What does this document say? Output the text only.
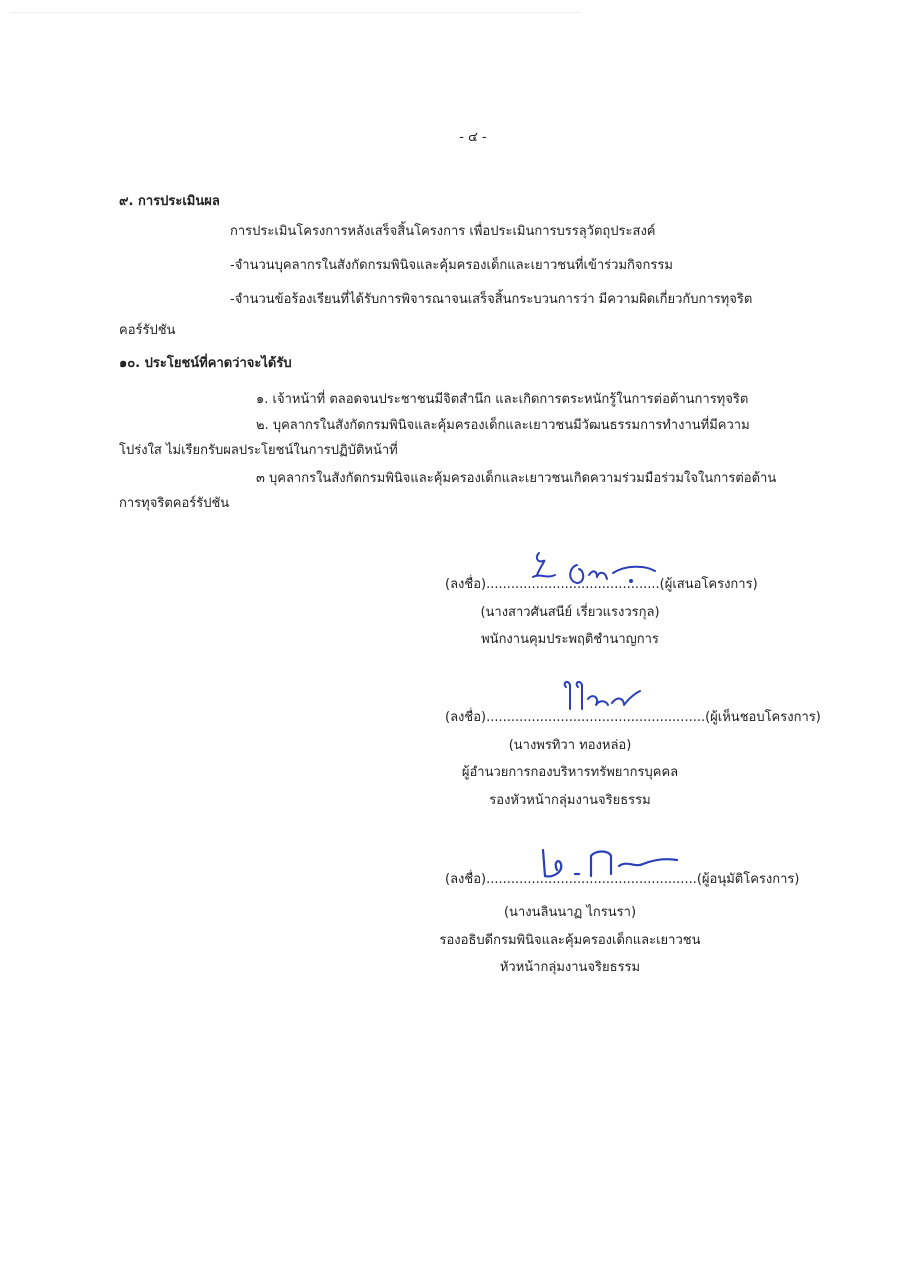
- ๔ -
๙. การประเมินผล
การประเมินโครงการหลังเสร็จสิ้นโครงการ เพื่อประเมินการบรรลุวัตถุประสงค์
-จำนวนบุคลากรในสังกัดกรมพินิจและคุ้มครองเด็กและเยาวชนที่เข้าร่วมกิจกรรม
-จำนวนข้อร้องเรียนที่ได้รับการพิจารณาจนเสร็จสิ้นกระบวนการว่า มีความผิดเกี่ยวกับการทุจริต
คอร์รัปชัน
๑๐. ประโยชน์ที่คาดว่าจะได้รับ
๑. เจ้าหน้าที่ ตลอดจนประชาชนมีจิตสำนึก และเกิดการตระหนักรู้ในการต่อต้านการทุจริต
๒. บุคลากรในสังกัดกรมพินิจและคุ้มครองเด็กและเยาวชนมีวัฒนธรรมการทำงานที่มีความ
โปร่งใส ไม่เรียกรับผลประโยชน์ในการปฏิบัติหน้าที่
๓ บุคลากรในสังกัดกรมพินิจและคุ้มครองเด็กและเยาวชนเกิดความร่วมมือร่วมใจในการต่อต้าน
การทุจริตคอร์รัปชัน
(ลงชื่อ)..........................................(ผู้เสนอโครงการ)
(นางสาวศันสนีย์ เรี่ยวแรงวรกุล)
พนักงานคุมประพฤติชำนาญการ
(ลงชื่อ).....................................................(ผู้เห็นชอบโครงการ)
(นางพรทิวา ทองหล่อ)
ผู้อำนวยการกองบริหารทรัพยากรบุคคล
รองหัวหน้ากลุ่มงานจริยธรรม
(ลงชื่อ)...................................................(ผู้อนุมัติโครงการ)
(นางนลินนาฏ ไกรนรา)
รองอธิบดีกรมพินิจและคุ้มครองเด็กและเยาวชน
หัวหน้ากลุ่มงานจริยธรรม
